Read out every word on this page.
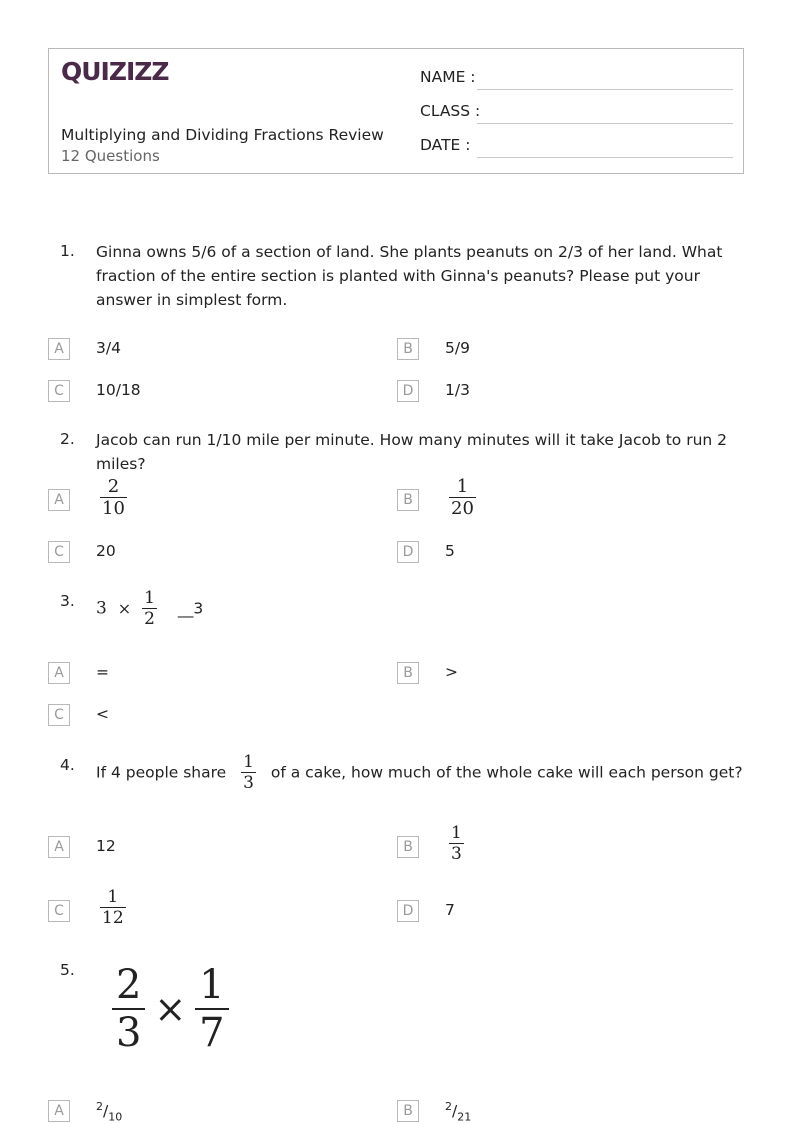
QUIZIZZ
Multiplying and Dividing Fractions Review
12 Questions
NAME :
CLASS :
DATE :
1. Ginna owns 5/6 of a section of land. She plants peanuts on 2/3 of her land. What fraction of the entire section is planted with Ginna's peanuts? Please put your answer in simplest form.
A	3/4	B	5/9
C	10/18	D	1/3
2. Jacob can run 1/10 mile per minute. How many minutes will it take Jacob to run 2 miles?
A	$\frac{2}{10}$	B	$\frac{1}{20}$
C	20	D	5
3. $3 \times \frac{1}{2}$ __3
A	=	B	>
C	<
4. If 4 people share $\frac{1}{3}$ of a cake, how much of the whole cake will each person get?
A	12	B	$\frac{1}{3}$
C	$\frac{1}{12}$	D	7
5. $\frac{2}{3} \times \frac{1}{7}$
A	$^2/_{10}$	B	$^2/_{21}$
